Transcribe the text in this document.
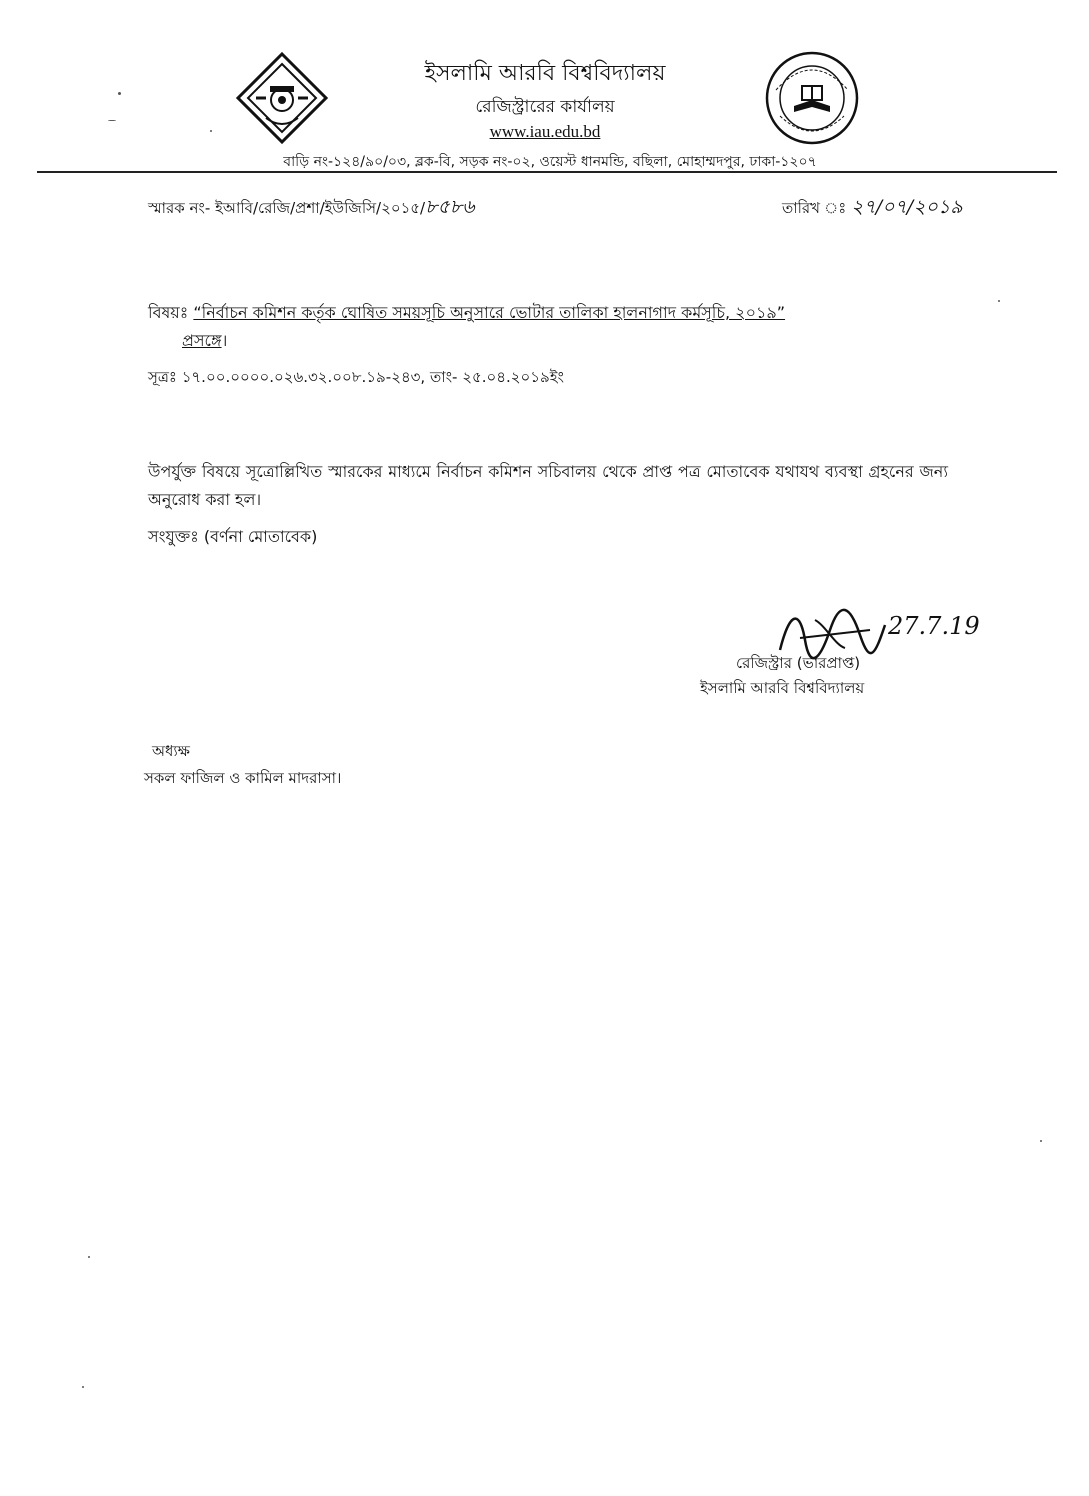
ইসলামি আরবি বিশ্ববিদ্যালয়
রেজিস্ট্রারের কার্যালয়
www.iau.edu.bd
বাড়ি নং-১২৪/৯০/০৩, ব্লক-বি, সড়ক নং-০২, ওয়েস্ট ধানমন্ডি, বছিলা, মোহাম্মদপুর, ঢাকা-১২০৭
স্মারক নং- ইআবি/রেজি/প্রশা/ইউজিসি/২০১৫/৮৫৮৬	তারিখ ঃ ২৭/০৭/২০১৯
বিষয়ঃ “নির্বাচন কমিশন কর্তৃক ঘোষিত সময়সূচি অনুসারে ভোটার তালিকা হালনাগাদ কর্মসূচি, ২০১৯”
প্রসঙ্গে।
সূত্রঃ ১৭.০০.০০০০.০২৬.৩২.০০৮.১৯-২৪৩, তাং- ২৫.০৪.২০১৯ইং
উপর্যুক্ত বিষয়ে সূত্রোল্লিখিত স্মারকের মাধ্যমে নির্বাচন কমিশন সচিবালয় থেকে প্রাপ্ত পত্র মোতাবেক যথাযথ ব্যবস্থা গ্রহনের জন্য অনুরোধ করা হল।
সংযুক্তঃ (বর্ণনা মোতাবেক)
27.7.19
রেজিস্ট্রার (ভারপ্রাপ্ত)
ইসলামি আরবি বিশ্ববিদ্যালয়
অধ্যক্ষ
সকল ফাজিল ও কামিল মাদরাসা।
